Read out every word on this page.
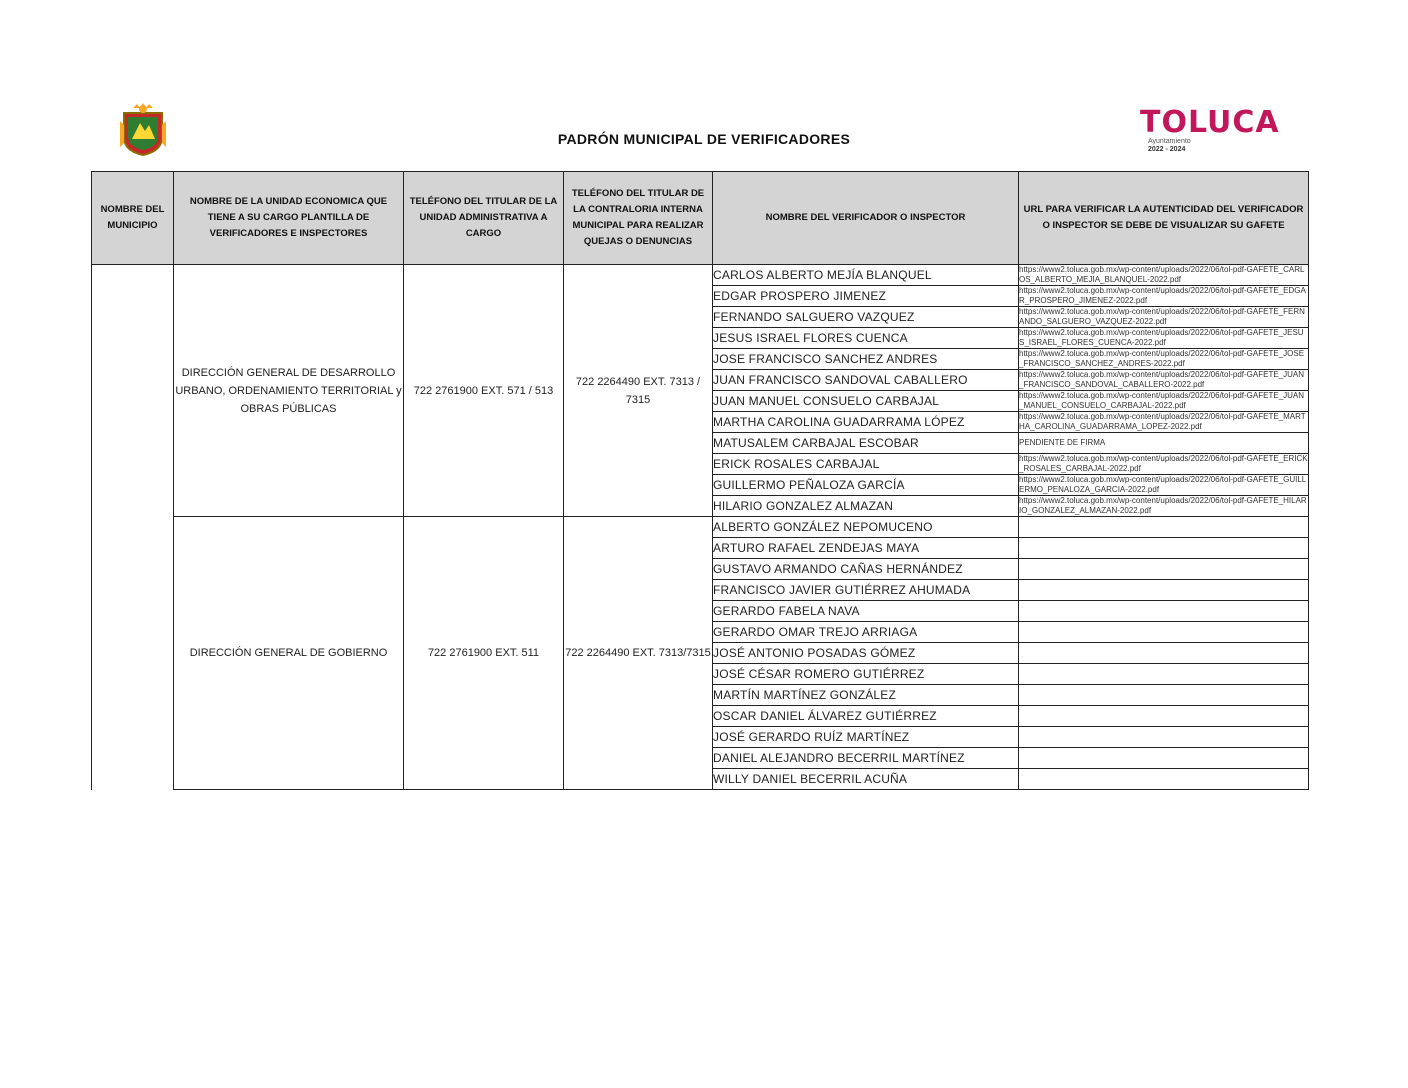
PADRÓN MUNICIPAL DE VERIFICADORES	TOLUCA
Ayuntamiento
2022 - 2024
NOMBRE DEL MUNICIPIO	NOMBRE DE LA UNIDAD ECONOMICA QUE TIENE A SU CARGO PLANTILLA DE VERIFICADORES E INSPECTORES	TELÉFONO DEL TITULAR DE LA UNIDAD ADMINISTRATIVA A CARGO	TELÉFONO DEL TITULAR DE LA CONTRALORIA INTERNA MUNICIPAL PARA REALIZAR QUEJAS O DENUNCIAS	NOMBRE DEL VERIFICADOR O INSPECTOR	URL PARA VERIFICAR LA AUTENTICIDAD DEL VERIFICADOR O INSPECTOR SE DEBE DE VISUALIZAR SU GAFETE
	DIRECCIÓN GENERAL DE DESARROLLO URBANO, ORDENAMIENTO TERRITORIAL y OBRAS PÚBLICAS	722 2761900 EXT. 571 / 513	722 2264490 EXT. 7313 / 7315	CARLOS ALBERTO MEJÍA BLANQUEL	https://www2.toluca.gob.mx/wp-content/uploads/2022/06/tol-pdf-GAFETE_CARLOS_ALBERTO_MEJIA_BLANQUEL-2022.pdf
				EDGAR PROSPERO JIMENEZ	https://www2.toluca.gob.mx/wp-content/uploads/2022/06/tol-pdf-GAFETE_EDGAR_PROSPERO_JIMENEZ-2022.pdf
				FERNANDO SALGUERO VAZQUEZ	https://www2.toluca.gob.mx/wp-content/uploads/2022/06/tol-pdf-GAFETE_FERNANDO_SALGUERO_VAZQUEZ-2022.pdf
				JESUS ISRAEL FLORES CUENCA	https://www2.toluca.gob.mx/wp-content/uploads/2022/06/tol-pdf-GAFETE_JESUS_ISRAEL_FLORES_CUENCA-2022.pdf
				JOSE FRANCISCO SANCHEZ ANDRES	https://www2.toluca.gob.mx/wp-content/uploads/2022/06/tol-pdf-GAFETE_JOSE_FRANCISCO_SANCHEZ_ANDRES-2022.pdf
				JUAN FRANCISCO SANDOVAL CABALLERO	https://www2.toluca.gob.mx/wp-content/uploads/2022/06/tol-pdf-GAFETE_JUAN_FRANCISCO_SANDOVAL_CABALLERO-2022.pdf
				JUAN MANUEL CONSUELO CARBAJAL	https://www2.toluca.gob.mx/wp-content/uploads/2022/06/tol-pdf-GAFETE_JUAN_MANUEL_CONSUELO_CARBAJAL-2022.pdf
				MARTHA CAROLINA GUADARRAMA LÓPEZ	https://www2.toluca.gob.mx/wp-content/uploads/2022/06/tol-pdf-GAFETE_MARTHA_CAROLINA_GUADARRAMA_LOPEZ-2022.pdf
				MATUSALEM CARBAJAL ESCOBAR	PENDIENTE DE FIRMA
				ERICK ROSALES CARBAJAL	https://www2.toluca.gob.mx/wp-content/uploads/2022/06/tol-pdf-GAFETE_ERICK_ROSALES_CARBAJAL-2022.pdf
				GUILLERMO PEÑALOZA GARCÍA	https://www2.toluca.gob.mx/wp-content/uploads/2022/06/tol-pdf-GAFETE_GUILLERMO_PENALOZA_GARCIA-2022.pdf
				HILARIO GONZALEZ ALMAZAN	https://www2.toluca.gob.mx/wp-content/uploads/2022/06/tol-pdf-GAFETE_HILARIO_GONZALEZ_ALMAZAN-2022.pdf
	DIRECCIÓN GENERAL DE GOBIERNO	722 2761900 EXT. 511	722 2264490 EXT. 7313/7315	ALBERTO GONZÁLEZ NEPOMUCENO	
				ARTURO RAFAEL ZENDEJAS MAYA	
				GUSTAVO ARMANDO CAÑAS HERNÁNDEZ	
				FRANCISCO JAVIER GUTIÉRREZ AHUMADA	
				GERARDO FABELA NAVA	
				GERARDO OMAR TREJO ARRIAGA	
				JOSÉ ANTONIO POSADAS GÓMEZ	
				JOSÉ CÉSAR ROMERO GUTIÉRREZ	
				MARTÍN MARTÍNEZ GONZÁLEZ	
				OSCAR DANIEL ÁLVAREZ GUTIÉRREZ	
				JOSÉ GERARDO RUÍZ MARTÍNEZ	
				DANIEL ALEJANDRO BECERRIL MARTÍNEZ	
				WILLY DANIEL BECERRIL ACUÑA	
